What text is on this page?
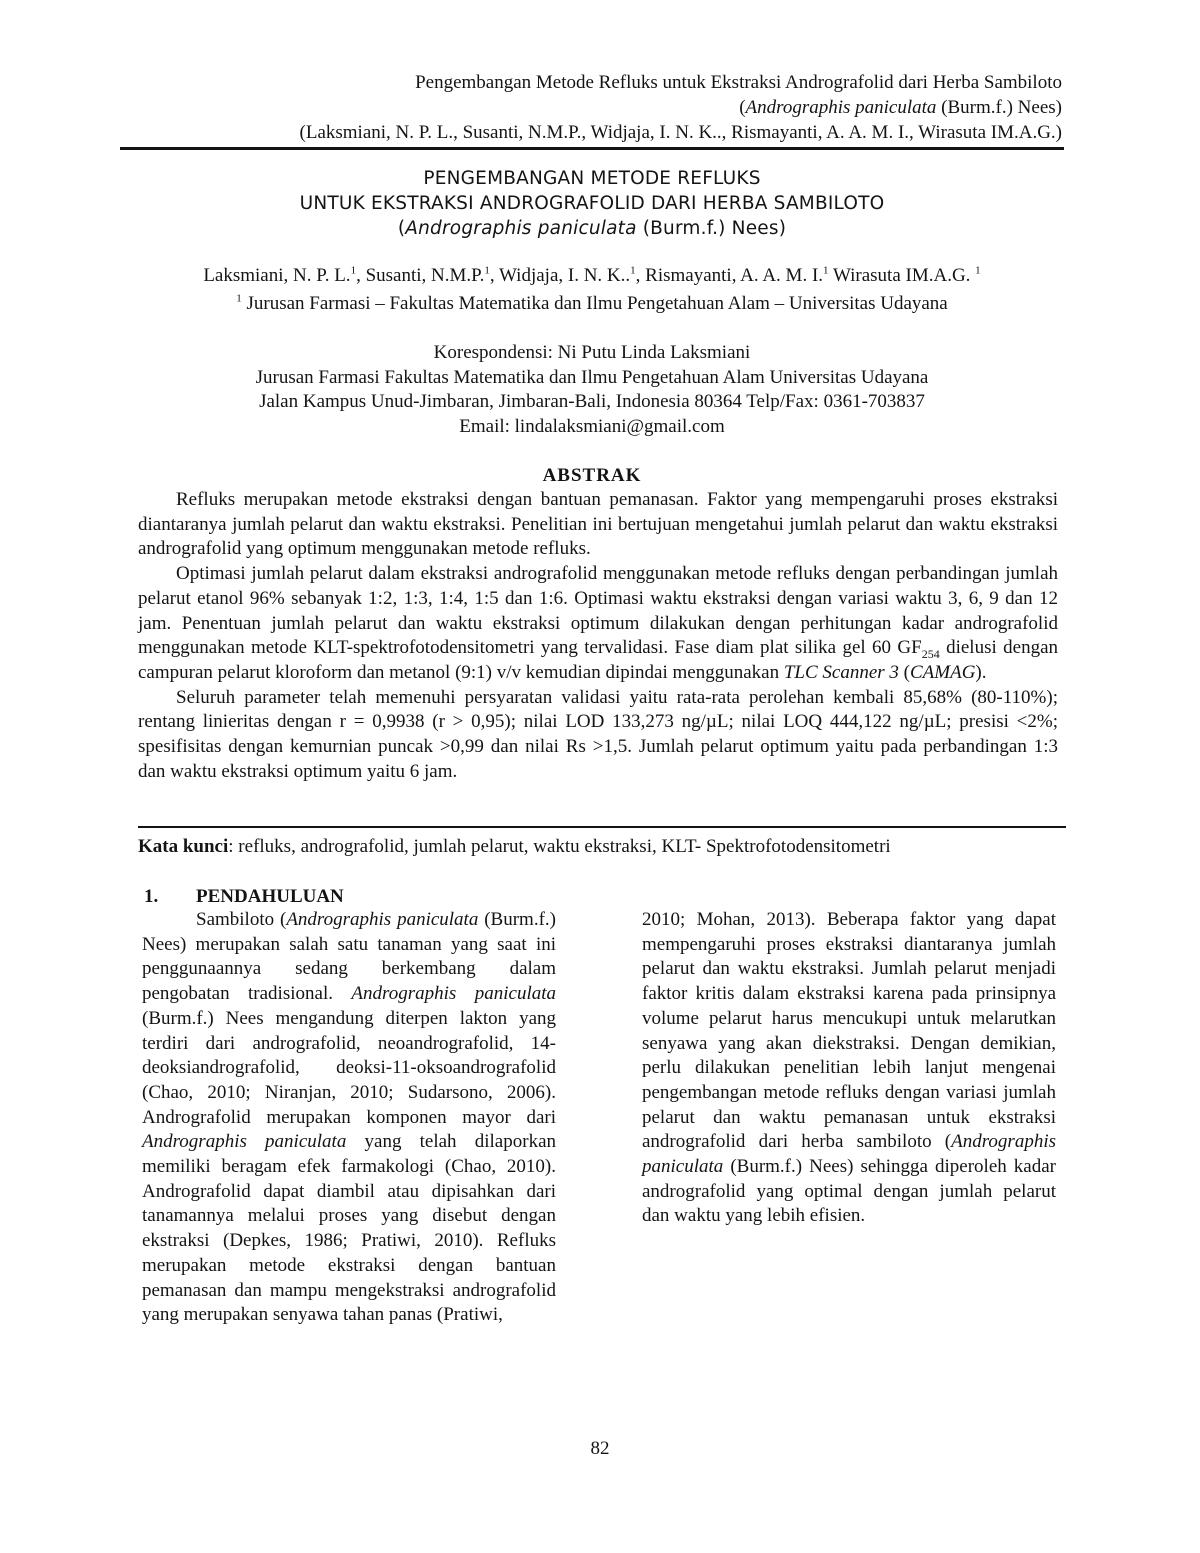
Pengembangan Metode Refluks untuk Ekstraksi Andrografolid dari Herba Sambiloto
(Andrographis paniculata (Burm.f.) Nees)
(Laksmiani, N. P. L., Susanti, N.M.P., Widjaja, I. N. K.., Rismayanti, A. A. M. I., Wirasuta IM.A.G.)
PENGEMBANGAN METODE REFLUKS
UNTUK EKSTRAKSI ANDROGRAFOLID DARI HERBA SAMBILOTO
(Andrographis paniculata (Burm.f.) Nees)
Laksmiani, N. P. L.$^1$, Susanti, N.M.P.$^1$, Widjaja, I. N. K..$^1$, Rismayanti, A. A. M. I.$^1$ Wirasuta IM.A.G. $^1$
$^1$ Jurusan Farmasi – Fakultas Matematika dan Ilmu Pengetahuan Alam – Universitas Udayana
Korespondensi: Ni Putu Linda Laksmiani
Jurusan Farmasi Fakultas Matematika dan Ilmu Pengetahuan Alam Universitas Udayana
Jalan Kampus Unud-Jimbaran, Jimbaran-Bali, Indonesia 80364 Telp/Fax: 0361-703837
Email: lindalaksmiani@gmail.com
ABSTRAK

Refluks merupakan metode ekstraksi dengan bantuan pemanasan. Faktor yang mempengaruhi proses ekstraksi diantaranya jumlah pelarut dan waktu ekstraksi. Penelitian ini bertujuan mengetahui jumlah pelarut dan waktu ekstraksi andrografolid yang optimum menggunakan metode refluks.

Optimasi jumlah pelarut dalam ekstraksi andrografolid menggunakan metode refluks dengan perbandingan jumlah pelarut etanol 96% sebanyak 1:2, 1:3, 1:4, 1:5 dan 1:6. Optimasi waktu ekstraksi dengan variasi waktu 3, 6, 9 dan 12 jam. Penentuan jumlah pelarut dan waktu ekstraksi optimum dilakukan dengan perhitungan kadar andrografolid menggunakan metode KLT-spektrofotodensitometri yang tervalidasi. Fase diam plat silika gel 60 $GF_{254}$ dielusi dengan campuran pelarut kloroform dan metanol (9:1) v/v kemudian dipindai menggunakan TLC Scanner 3 (CAMAG).

Seluruh parameter telah memenuhi persyaratan validasi yaitu rata-rata perolehan kembali 85,68% (80-110%); rentang linieritas dengan r = 0,9938 (r > 0,95); nilai LOD 133,273 ng/µL; nilai LOQ 444,122 ng/µL; presisi <2%; spesifisitas dengan kemurnian puncak >0,99 dan nilai Rs >1,5. Jumlah pelarut optimum yaitu pada perbandingan 1:3 dan waktu ekstraksi optimum yaitu 6 jam.

Kata kunci: refluks, andrografolid, jumlah pelarut, waktu ekstraksi, KLT- Spektrofotodensitometri
1. PENDAHULUAN

Sambiloto (Andrographis paniculata (Burm.f.) Nees) merupakan salah satu tanaman yang saat ini penggunaannya sedang berkembang dalam pengobatan tradisional. Andrographis paniculata (Burm.f.) Nees mengandung diterpen lakton yang terdiri dari andrografolid, neoandrografolid, 14-deoksiandrografolid, deoksi-11-oksoandrografolid (Chao, 2010; Niranjan, 2010; Sudarsono, 2006). Andrografolid merupakan komponen mayor dari Andrographis paniculata yang telah dilaporkan memiliki beragam efek farmakologi (Chao, 2010). Andrografolid dapat diambil atau dipisahkan dari tanamannya melalui proses yang disebut dengan ekstraksi (Depkes, 1986; Pratiwi, 2010). Refluks merupakan metode ekstraksi dengan bantuan pemanasan dan mampu mengekstraksi andrografolid yang merupakan senyawa tahan panas (Pratiwi,

2010; Mohan, 2013). Beberapa faktor yang dapat mempengaruhi proses ekstraksi diantaranya jumlah pelarut dan waktu ekstraksi. Jumlah pelarut menjadi faktor kritis dalam ekstraksi karena pada prinsipnya volume pelarut harus mencukupi untuk melarutkan senyawa yang akan diekstraksi. Dengan demikian, perlu dilakukan penelitian lebih lanjut mengenai pengembangan metode refluks dengan variasi jumlah pelarut dan waktu pemanasan untuk ekstraksi andrografolid dari herba sambiloto (Andrographis paniculata (Burm.f.) Nees) sehingga diperoleh kadar andrografolid yang optimal dengan jumlah pelarut dan waktu yang lebih efisien.

82
